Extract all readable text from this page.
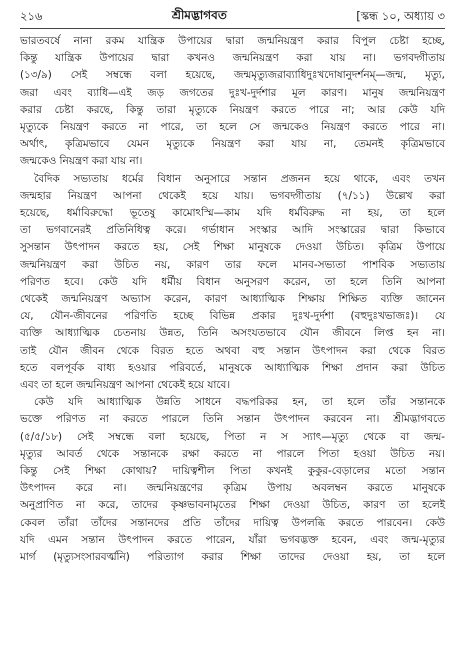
২১৬	শ্রীমদ্ভাগবত	[স্কন্ধ ১০, অধ্যায় ৩

ভারতবর্ষে নানা রকম যান্ত্রিক উপায়ের দ্বারা জন্মনিয়ন্ত্রণ করার বিপুল চেষ্টা হচ্ছে,

কিন্তু যান্ত্রিক উপায়ের দ্বারা কখনও জন্মনিয়ন্ত্রণ করা যায় না। ভগবদ্গীতায়

(১৩/৯) সেই সম্বন্ধে বলা হয়েছে, জন্মমৃত্যুজরাব্যাধিদুঃখদোষানুদর্শনম্—জন্ম, মৃত্যু,

জরা এবং ব্যাধি—এই জড় জগতের দুঃখ-দুর্দশার মূল কারণ। মানুষ জন্মনিয়ন্ত্রণ

করার চেষ্টা করছে, কিন্তু তারা মৃত্যুকে নিয়ন্ত্রণ করতে পারে না; আর কেউ যদি

মৃত্যুকে নিয়ন্ত্রণ করতে না পারে, তা হলে সে জন্মকেও নিয়ন্ত্রণ করতে পারে না।

অর্থাৎ, কৃত্রিমভাবে যেমন মৃত্যুকে নিয়ন্ত্রণ করা যায় না, তেমনই কৃত্রিমভাবে

জন্মকেও নিয়ন্ত্রণ করা যায় না।

বৈদিক সভ্যতায় ধর্মের বিধান অনুসারে সন্তান প্রজনন হয়ে থাকে, এবং তখন

জন্মহার নিয়ন্ত্রণ আপনা থেকেই হয়ে যায়। ভগবদ্গীতায় (৭/১১) উল্লেখ করা

হয়েছে, ধর্মাবিরুদ্ধো ভূতেষু কামোঽস্মি—কাম যদি ধর্মবিরুদ্ধ না হয়, তা হলে

তা ভগবানেরই প্রতিনিধিত্ব করে। গর্ভাধান সংস্কার আদি সংস্কারের দ্বারা কিভাবে

সুসন্তান উৎপাদন করতে হয়, সেই শিক্ষা মানুষকে দেওয়া উচিত। কৃত্রিম উপায়ে

জন্মনিয়ন্ত্রণ করা উচিত নয়, কারণ তার ফলে মানব-সভ্যতা পাশবিক সভ্যতায়

পরিণত হবে। কেউ যদি ধর্মীয় বিধান অনুসরণ করেন, তা হলে তিনি আপনা

থেকেই জন্মনিয়ন্ত্রণ অভ্যাস করেন, কারণ আধ্যাত্মিক শিক্ষায় শিক্ষিত ব্যক্তি জানেন

যে, যৌন-জীবনের পরিণতি হচ্ছে বিভিন্ন প্রকার দুঃখ-দুর্দশা (বহুদুঃখভাজঃ)। যে

ব্যক্তি আধ্যাত্মিক চেতনায় উন্নত, তিনি অসংযতভাবে যৌন জীবনে লিপ্ত হন না।

তাই যৌন জীবন থেকে বিরত হতে অথবা বহু সন্তান উৎপাদন করা থেকে বিরত

হতে বলপূর্বক বাধ্য হওয়ার পরিবর্তে, মানুষকে আধ্যাত্মিক শিক্ষা প্রদান করা উচিত

এবং তা হলে জন্মনিয়ন্ত্রণ আপনা থেকেই হয়ে যাবে।

কেউ যদি আধ্যাত্মিক উন্নতি সাধনে বদ্ধপরিকর হন, তা হলে তাঁর সন্তানকে

ভক্তে পরিণত না করতে পারলে তিনি সন্তান উৎপাদন করবেন না। শ্রীমদ্ভাগবতে

(৫/৫/১৮) সেই সম্বন্ধে বলা হয়েছে, পিতা ন স স্যাৎ—মৃত্যু থেকে বা জন্ম-

মৃত্যুর আবর্ত থেকে সন্তানকে রক্ষা করতে না পারলে পিতা হওয়া উচিত নয়।

কিন্তু সেই শিক্ষা কোথায়? দায়িত্বশীল পিতা কখনই কুকুর-বেড়ালের মতো সন্তান

উৎপাদন করে না। জন্মনিয়ন্ত্রণের কৃত্রিম উপায় অবলম্বন করতে মানুষকে

অনুপ্রাণিত না করে, তাদের কৃষ্ণভাবনামৃতের শিক্ষা দেওয়া উচিত, কারণ তা হলেই

কেবল তাঁরা তাঁদের সন্তানদের প্রতি তাঁদের দায়িত্ব উপলব্ধি করতে পারবেন। কেউ

যদি এমন সন্তান উৎপাদন করতে পারেন, যাঁরা ভগবদ্ভক্ত হবেন, এবং জন্ম-মৃত্যুর

মার্গ (মৃত্যুসংসারবর্ত্মনি) পরিত্যাগ করার শিক্ষা তাদের দেওয়া হয়, তা হলে
